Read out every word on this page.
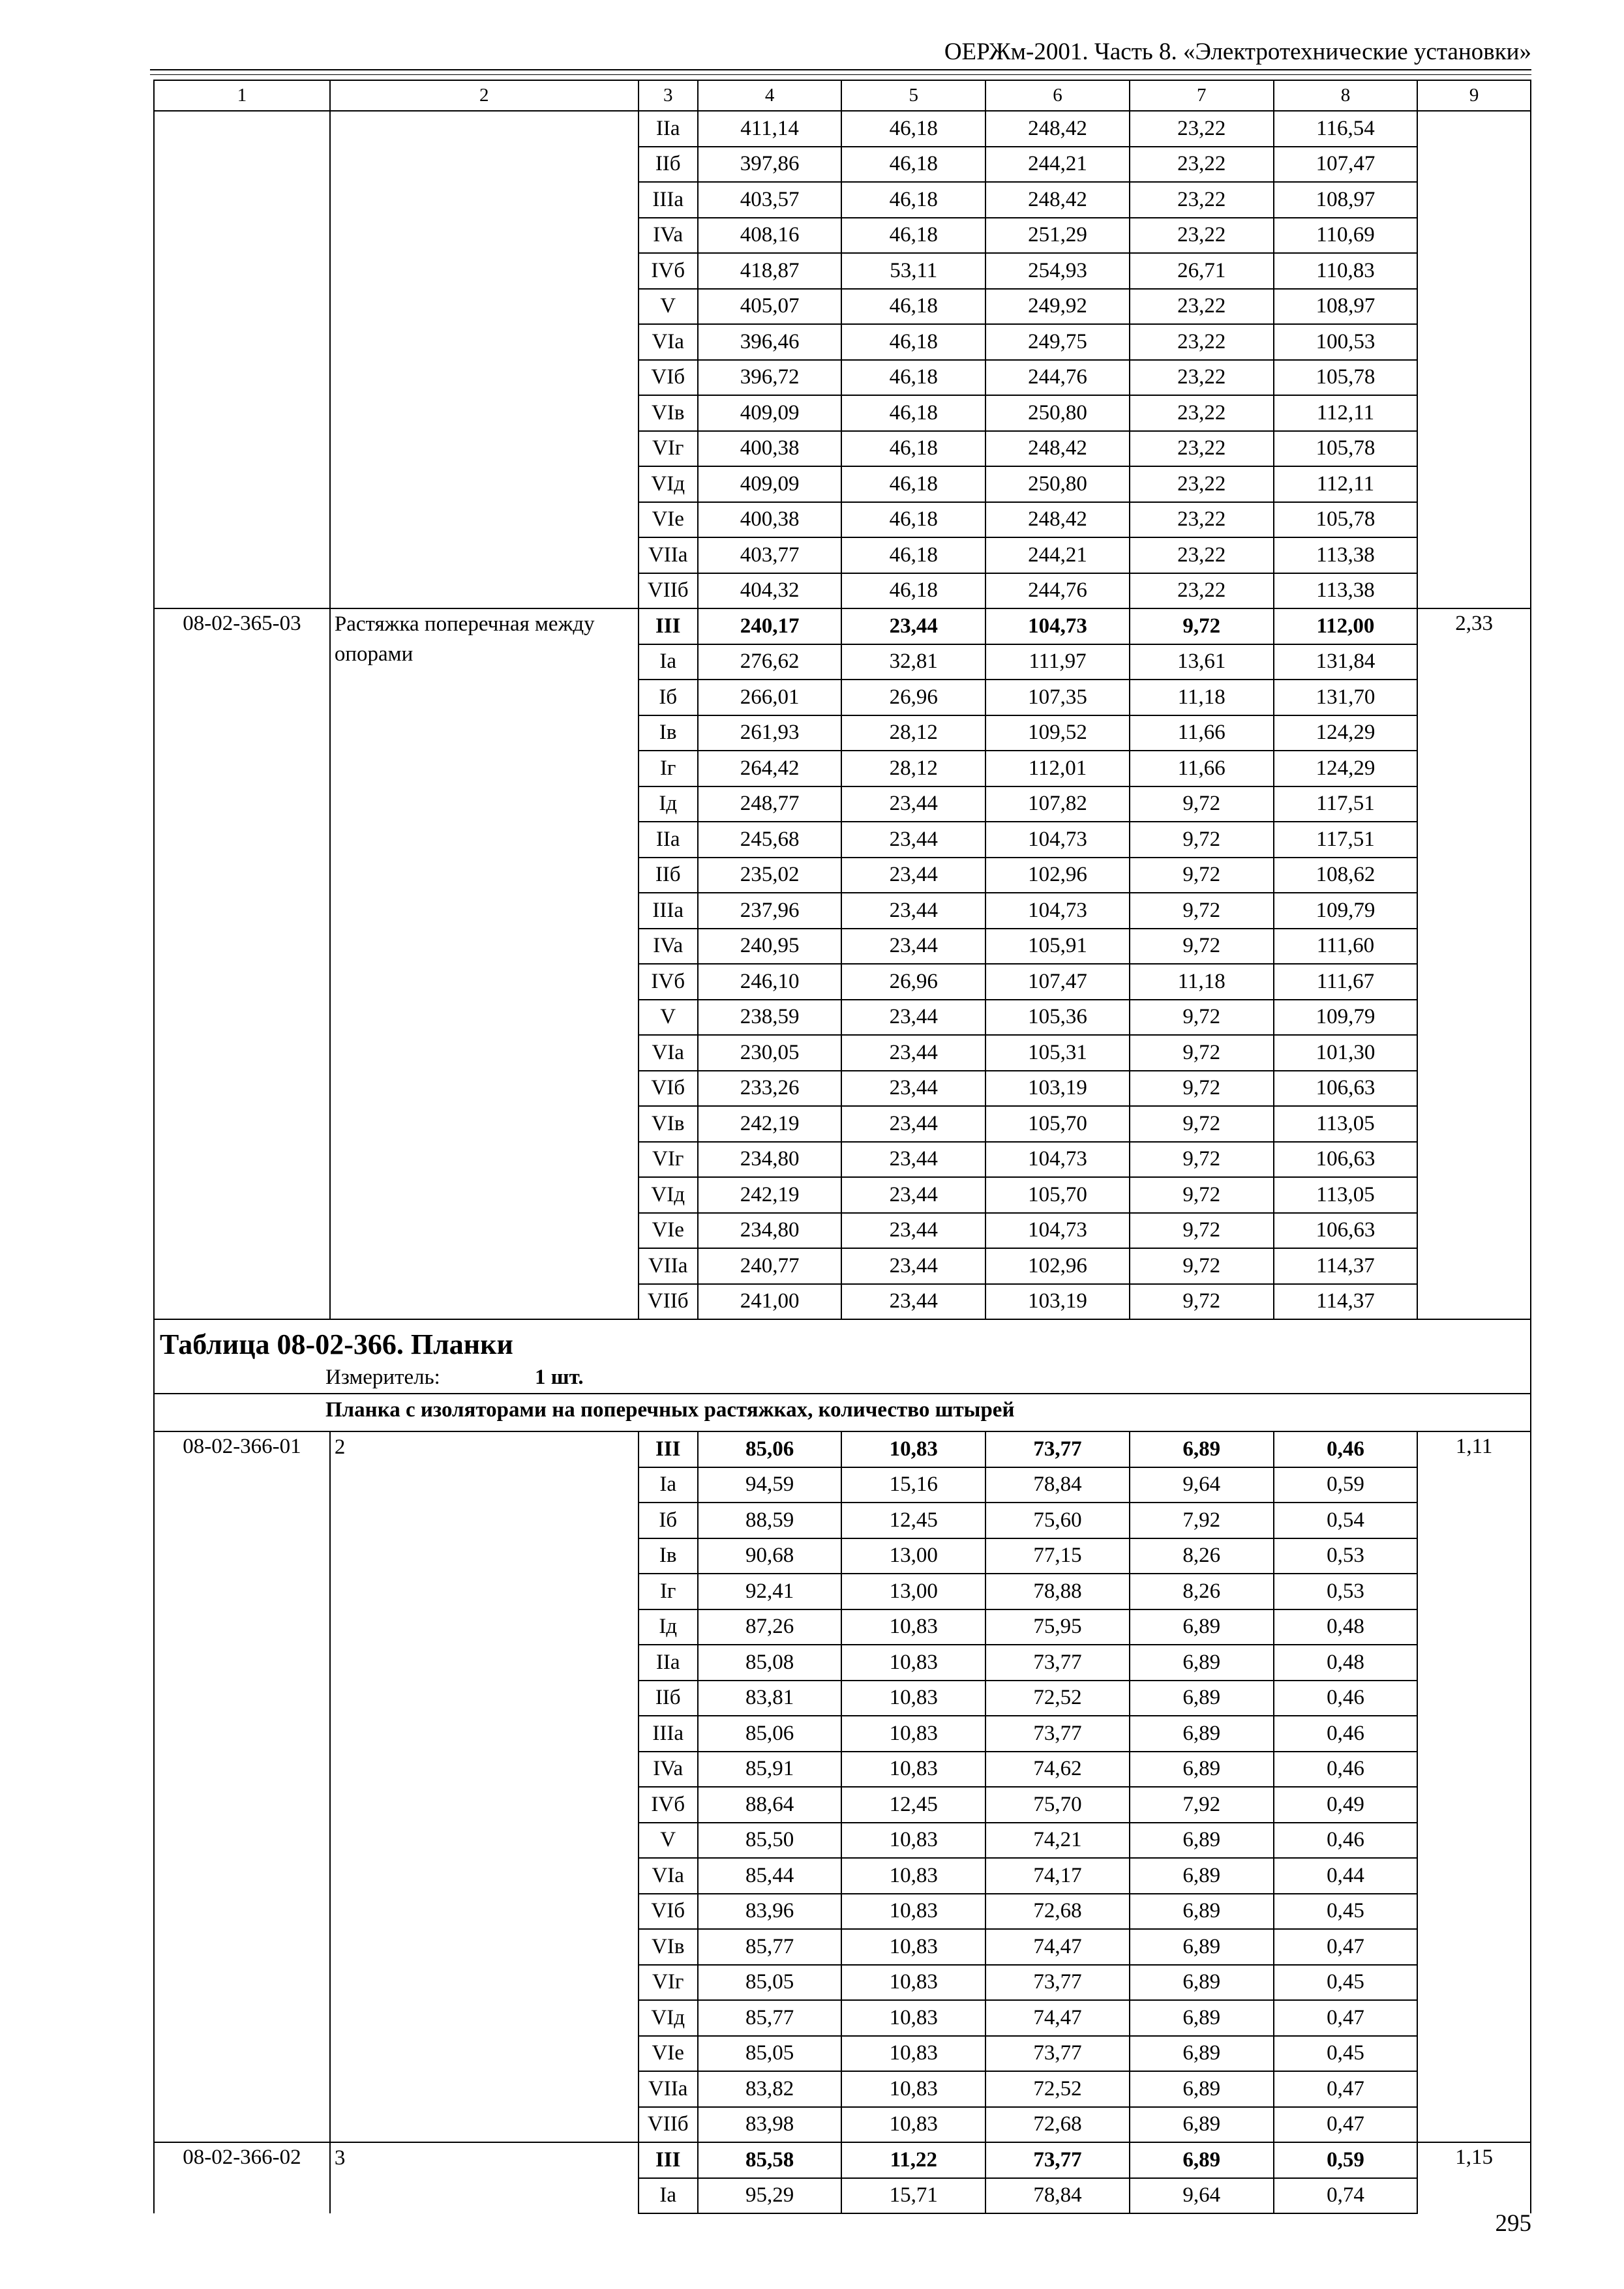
ОЕРЖм-2001. Часть 8. «Электротехнические установки»
1	2	3	4	5	6	7	8	9
		IIa	411,14	46,18	248,42	23,22	116,54	
		IIб	397,86	46,18	244,21	23,22	107,47	
		IIIa	403,57	46,18	248,42	23,22	108,97	
		IVa	408,16	46,18	251,29	23,22	110,69	
		IVб	418,87	53,11	254,93	26,71	110,83	
		V	405,07	46,18	249,92	23,22	108,97	
		VIa	396,46	46,18	249,75	23,22	100,53	
		VIб	396,72	46,18	244,76	23,22	105,78	
		VIв	409,09	46,18	250,80	23,22	112,11	
		VIг	400,38	46,18	248,42	23,22	105,78	
		VIд	409,09	46,18	250,80	23,22	112,11	
		VIе	400,38	46,18	248,42	23,22	105,78	
		VIIa	403,77	46,18	244,21	23,22	113,38	
		VIIб	404,32	46,18	244,76	23,22	113,38	
08-02-365-03	Растяжка поперечная между опорами	III	240,17	23,44	104,73	9,72	112,00	2,33
		Ia	276,62	32,81	111,97	13,61	131,84	
		Iб	266,01	26,96	107,35	11,18	131,70	
		Iв	261,93	28,12	109,52	11,66	124,29	
		Iг	264,42	28,12	112,01	11,66	124,29	
		Iд	248,77	23,44	107,82	9,72	117,51	
		IIa	245,68	23,44	104,73	9,72	117,51	
		IIб	235,02	23,44	102,96	9,72	108,62	
		IIIa	237,96	23,44	104,73	9,72	109,79	
		IVa	240,95	23,44	105,91	9,72	111,60	
		IVб	246,10	26,96	107,47	11,18	111,67	
		V	238,59	23,44	105,36	9,72	109,79	
		VIa	230,05	23,44	105,31	9,72	101,30	
		VIб	233,26	23,44	103,19	9,72	106,63	
		VIв	242,19	23,44	105,70	9,72	113,05	
		VIг	234,80	23,44	104,73	9,72	106,63	
		VIд	242,19	23,44	105,70	9,72	113,05	
		VIе	234,80	23,44	104,73	9,72	106,63	
		VIIa	240,77	23,44	102,96	9,72	114,37	
		VIIб	241,00	23,44	103,19	9,72	114,37	

Таблица 08-02-366. Планки
Измеритель: 1 шт.
Планка с изоляторами на поперечных растяжках, количество штырей								

08-02-366-01	2	III	85,06	10,83	73,77	6,89	0,46	1,11
		Ia	94,59	15,16	78,84	9,64	0,59	
		Iб	88,59	12,45	75,60	7,92	0,54	
		Iв	90,68	13,00	77,15	8,26	0,53	
		Iг	92,41	13,00	78,88	8,26	0,53	
		Iд	87,26	10,83	75,95	6,89	0,48	
		IIa	85,08	10,83	73,77	6,89	0,48	
		IIб	83,81	10,83	72,52	6,89	0,46	
		IIIa	85,06	10,83	73,77	6,89	0,46	
		IVa	85,91	10,83	74,62	6,89	0,46	
		IVб	88,64	12,45	75,70	7,92	0,49	
		V	85,50	10,83	74,21	6,89	0,46	
		VIa	85,44	10,83	74,17	6,89	0,44	
		VIб	83,96	10,83	72,68	6,89	0,45	
		VIв	85,77	10,83	74,47	6,89	0,47	
		VIг	85,05	10,83	73,77	6,89	0,45	
		VIд	85,77	10,83	74,47	6,89	0,47	
		VIе	85,05	10,83	73,77	6,89	0,45	
		VIIa	83,82	10,83	72,52	6,89	0,47	
		VIIб	83,98	10,83	72,68	6,89	0,47	
08-02-366-02	3	III	85,58	11,22	73,77	6,89	0,59	1,15
		Ia	95,29	15,71	78,84	9,64	0,74	
295
